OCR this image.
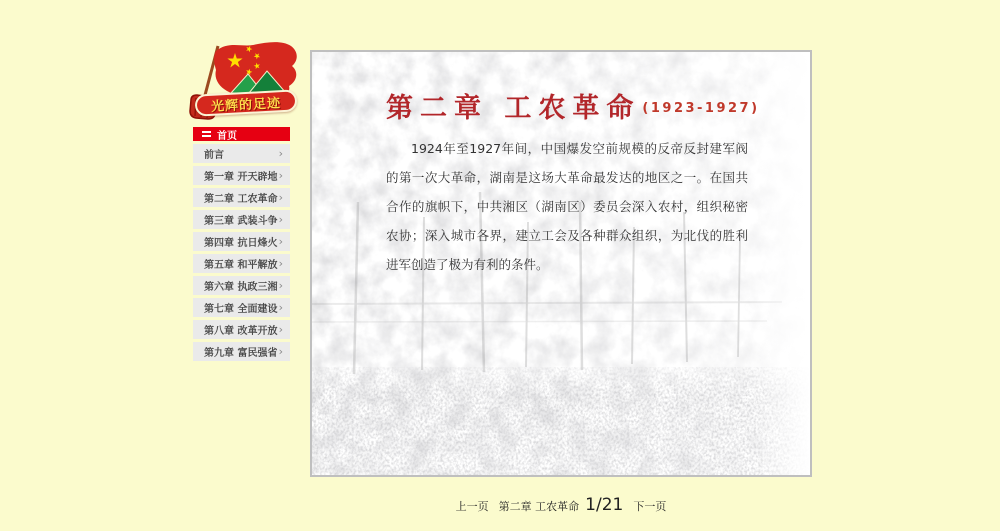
光辉的足迹
首页
前言	›
第一章 开天辟地 ›
第二章 工农革命 ›
第三章 武装斗争 ›
第四章 抗日烽火 ›
第五章 和平解放 ›
第六章 执政三湘 ›
第七章 全面建设 ›
第八章 改革开放 ›
第九章 富民强省 ›
第二章 工农革命 (1923-1927)

1924年至1927年间，中国爆发空前规模的反帝反封建军阀的第一次大革命，湖南是这场大革命最发达的地区之一。在国共合作的旗帜下，中共湘区（湖南区）委员会深入农村，组织秘密农协；深入城市各界，建立工会及各种群众组织，为北伐的胜利进军创造了极为有利的条件。

上一页 第二章 工农革命 1/21 下一页
